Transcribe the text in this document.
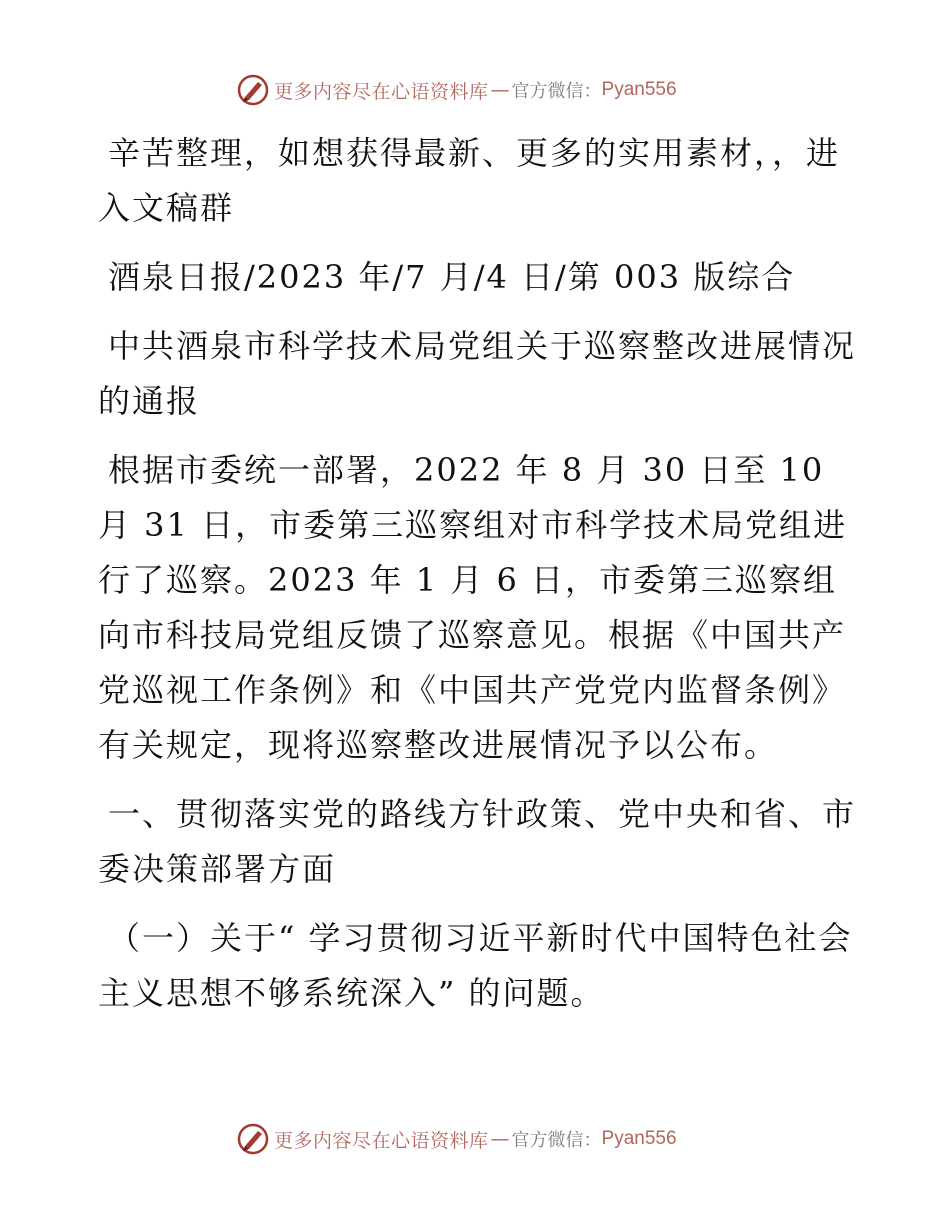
更多内容尽在心语资料库 — 官方微信： Pyan556

辛苦整理，如想获得最新、更多的实用素材，，进入文稿群

酒泉日报/2023 年/7 月/4 日/第 003 版综合

中共酒泉市科学技术局党组关于巡察整改进展情况的通报

根据市委统一部署，2022 年 8 月 30 日至 10 月 31 日，市委第三巡察组对市科学技术局党组进行了巡察。2023 年 1 月 6 日，市委第三巡察组向市科技局党组反馈了巡察意见。根据《中国共产党巡视工作条例》和《中国共产党党内监督条例》有关规定，现将巡察整改进展情况予以公布。

一、贯彻落实党的路线方针政策、党中央和省、市委决策部署方面

（一）关于“ 学习贯彻习近平新时代中国特色社会主义思想不够系统深入” 的问题。

更多内容尽在心语资料库 — 官方微信： Pyan556
